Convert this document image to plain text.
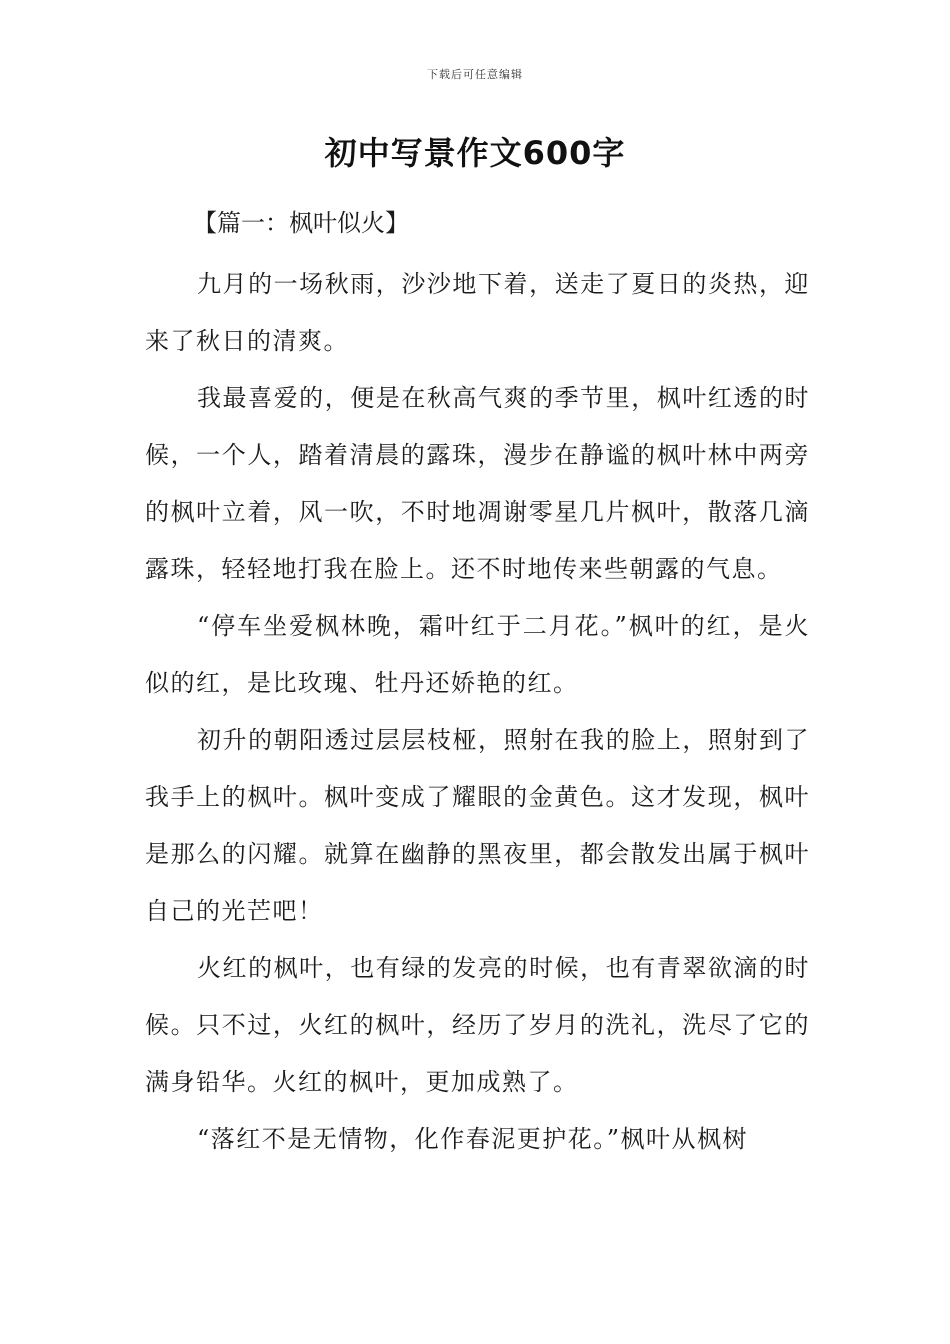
下载后可任意编辑
初中写景作文600字

【篇一：枫叶似火】

九月的一场秋雨，沙沙地下着，送走了夏日的炎热，迎来了秋日的清爽。

我最喜爱的，便是在秋高气爽的季节里，枫叶红透的时候，一个人，踏着清晨的露珠，漫步在静谧的枫叶林中两旁的枫叶立着，风一吹，不时地凋谢零星几片枫叶，散落几滴露珠，轻轻地打我在脸上。还不时地传来些朝露的气息。

“停车坐爱枫林晚，霜叶红于二月花。”枫叶的红，是火似的红，是比玫瑰、牡丹还娇艳的红。

初升的朝阳透过层层枝桠，照射在我的脸上，照射到了我手上的枫叶。枫叶变成了耀眼的金黄色。这才发现，枫叶是那么的闪耀。就算在幽静的黑夜里，都会散发出属于枫叶自己的光芒吧！

火红的枫叶，也有绿的发亮的时候，也有青翠欲滴的时候。只不过，火红的枫叶，经历了岁月的洗礼，洗尽了它的满身铅华。火红的枫叶，更加成熟了。

“落红不是无情物，化作春泥更护花。”枫叶从枫树
